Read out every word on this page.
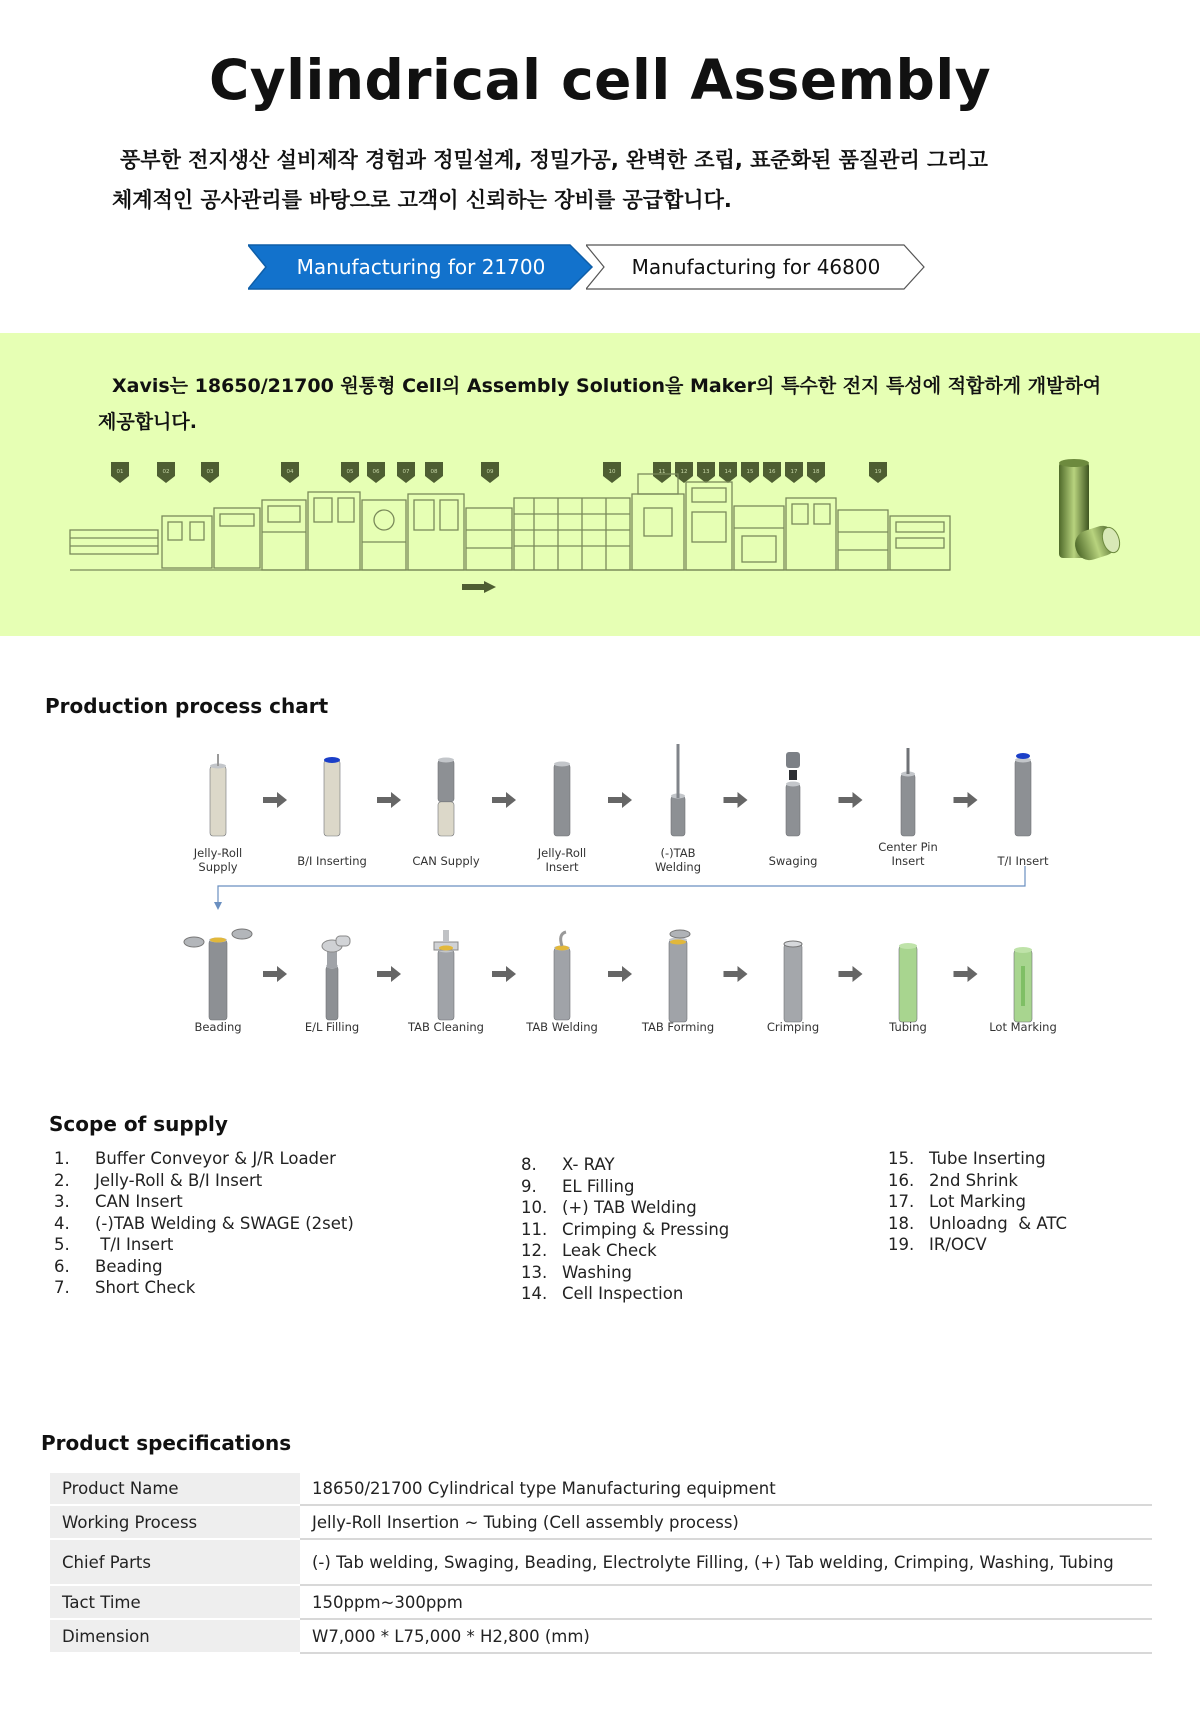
Cylindrical cell Assembly
풍부한 전지생산 설비제작 경험과 정밀설계, 정밀가공, 완벽한 조립, 표준화된 품질관리 그리고
체계적인 공사관리를 바탕으로 고객이 신뢰하는 장비를 공급합니다.
Manufacturing for 21700	Manufacturing for 46800
Xavis는 18650/21700 원통형 Cell의 Assembly Solution을 Maker의 특수한 전지 특성에 적합하게 개발하여
제공합니다.
01	02	03	04	05	06	07	08	09	10	11	12	13	14	15	16	17	18	19
Production process chart
Jelly-Roll
Supply	B/I Inserting	CAN Supply
Jelly-Roll
Insert
(-)TAB
Welding	Swaging
Center Pin
Insert	T/I Insert
Beading	E/L Filling	TAB Cleaning	TAB Welding	TAB Forming	Crimping	Tubing	Lot Marking
Scope of supply
1.	Buffer Conveyor & J/R Loader
2.	Jelly-Roll & B/I Insert
3.	CAN Insert
4.	(-)TAB Welding & SWAGE (2set)
5.	T/I Insert
6.	Beading
7.	Short Check
8.	X- RAY
9.	EL Filling
10. (+) TAB Welding
11. Crimping & Pressing
12. Leak Check
13. Washing
14. Cell Inspection
15. Tube Inserting
16. 2nd Shrink
17. Lot Marking
18. Unloadng  & ATC
19. IR/OCV
Product specifications
Product Name	18650/21700 Cylindrical type Manufacturing equipment
Working Process	Jelly-Roll Insertion ~ Tubing (Cell assembly process)
Chief Parts	(-) Tab welding, Swaging, Beading, Electrolyte Filling, (+) Tab welding, Crimping, Washing, Tubing
Tact Time	150ppm~300ppm
Dimension	W7,000 * L75,000 * H2,800 (mm)
